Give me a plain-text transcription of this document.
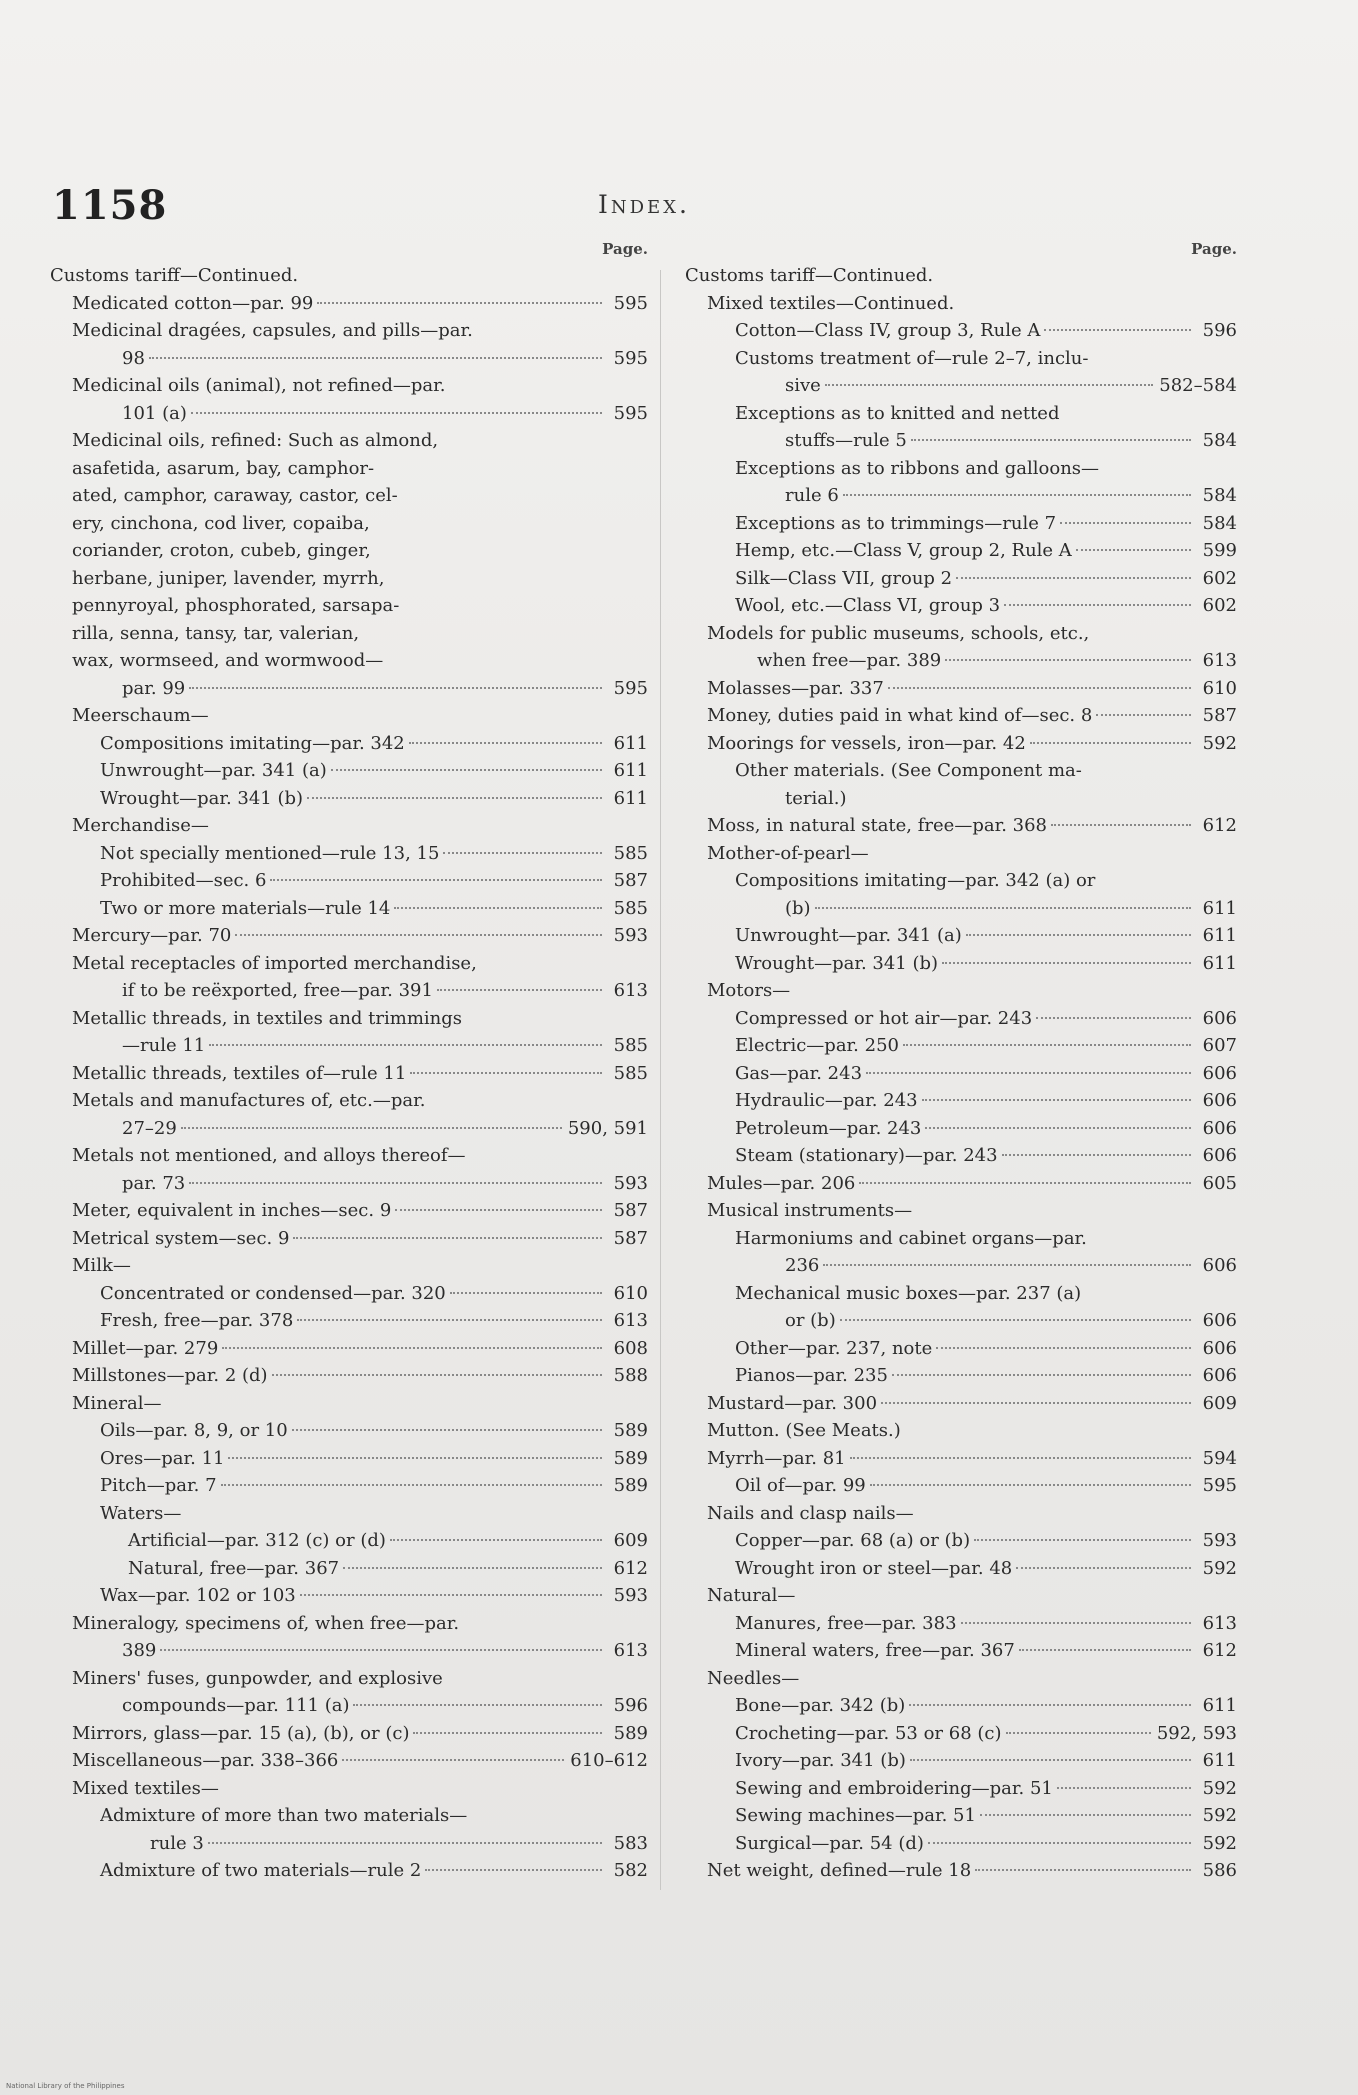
1158	Index.
Page.
Customs tariff—Continued.
Medicated cotton—par. 99	595
Medicinal dragées, capsules, and pills—par.
98	595
Medicinal oils (animal), not refined—par.
101 (a)	595
Medicinal oils, refined: Such as almond,
asafetida, asarum, bay, camphor-
ated, camphor, caraway, castor, cel-
ery, cinchona, cod liver, copaiba,
coriander, croton, cubeb, ginger,
herbane, juniper, lavender, myrrh,
pennyroyal, phosphorated, sarsapa-
rilla, senna, tansy, tar, valerian,
wax, wormseed, and wormwood—
par. 99	595
Meerschaum—
Compositions imitating—par. 342	611
Unwrought—par. 341 (a)	611
Wrought—par. 341 (b)	611
Merchandise—
Not specially mentioned—rule 13, 15	585
Prohibited—sec. 6	587
Two or more materials—rule 14	585
Mercury—par. 70	593
Metal receptacles of imported merchandise,
if to be reëxported, free—par. 391	613
Metallic threads, in textiles and trimmings
—rule 11	585
Metallic threads, textiles of—rule 11	585
Metals and manufactures of, etc.—par.
27–29	590, 591
Metals not mentioned, and alloys thereof—
par. 73	593
Meter, equivalent in inches—sec. 9	587
Metrical system—sec. 9	587
Milk—
Concentrated or condensed—par. 320	610
Fresh, free—par. 378	613
Millet—par. 279	608
Millstones—par. 2 (d)	588
Mineral—
Oils—par. 8, 9, or 10	589
Ores—par. 11	589
Pitch—par. 7	589
Waters—
Artificial—par. 312 (c) or (d)	609
Natural, free—par. 367	612
Wax—par. 102 or 103	593
Mineralogy, specimens of, when free—par.
389	613
Miners' fuses, gunpowder, and explosive
compounds—par. 111 (a)	596
Mirrors, glass—par. 15 (a), (b), or (c)	589
Miscellaneous—par. 338–366	610–612
Mixed textiles—
Admixture of more than two materials—
rule 3	583
Admixture of two materials—rule 2	582
Page.
Customs tariff—Continued.
Mixed textiles—Continued.
Cotton—Class IV, group 3, Rule A	596
Customs treatment of—rule 2–7, inclu-
sive	582–584
Exceptions as to knitted and netted
stuffs—rule 5	584
Exceptions as to ribbons and galloons—
rule 6	584
Exceptions as to trimmings—rule 7	584
Hemp, etc.—Class V, group 2, Rule A	599
Silk—Class VII, group 2	602
Wool, etc.—Class VI, group 3	602
Models for public museums, schools, etc.,
when free—par. 389	613
Molasses—par. 337	610
Money, duties paid in what kind of—sec. 8	587
Moorings for vessels, iron—par. 42	592
Other materials. (See Component ma-
terial.)
Moss, in natural state, free—par. 368	612
Mother-of-pearl—
Compositions imitating—par. 342 (a) or
(b)	611
Unwrought—par. 341 (a)	611
Wrought—par. 341 (b)	611
Motors—
Compressed or hot air—par. 243	606
Electric—par. 250	607
Gas—par. 243	606
Hydraulic—par. 243	606
Petroleum—par. 243	606
Steam (stationary)—par. 243	606
Mules—par. 206	605
Musical instruments—
Harmoniums and cabinet organs—par.
236	606
Mechanical music boxes—par. 237 (a)
or (b)	606
Other—par. 237, note	606
Pianos—par. 235	606
Mustard—par. 300	609
Mutton. (See Meats.)
Myrrh—par. 81	594
Oil of—par. 99	595
Nails and clasp nails—
Copper—par. 68 (a) or (b)	593
Wrought iron or steel—par. 48	592
Natural—
Manures, free—par. 383	613
Mineral waters, free—par. 367	612
Needles—
Bone—par. 342 (b)	611
Crocheting—par. 53 or 68 (c)	592, 593
Ivory—par. 341 (b)	611
Sewing and embroidering—par. 51	592
Sewing machines—par. 51	592
Surgical—par. 54 (d)	592
Net weight, defined—rule 18	586
National Library of the Philippines
